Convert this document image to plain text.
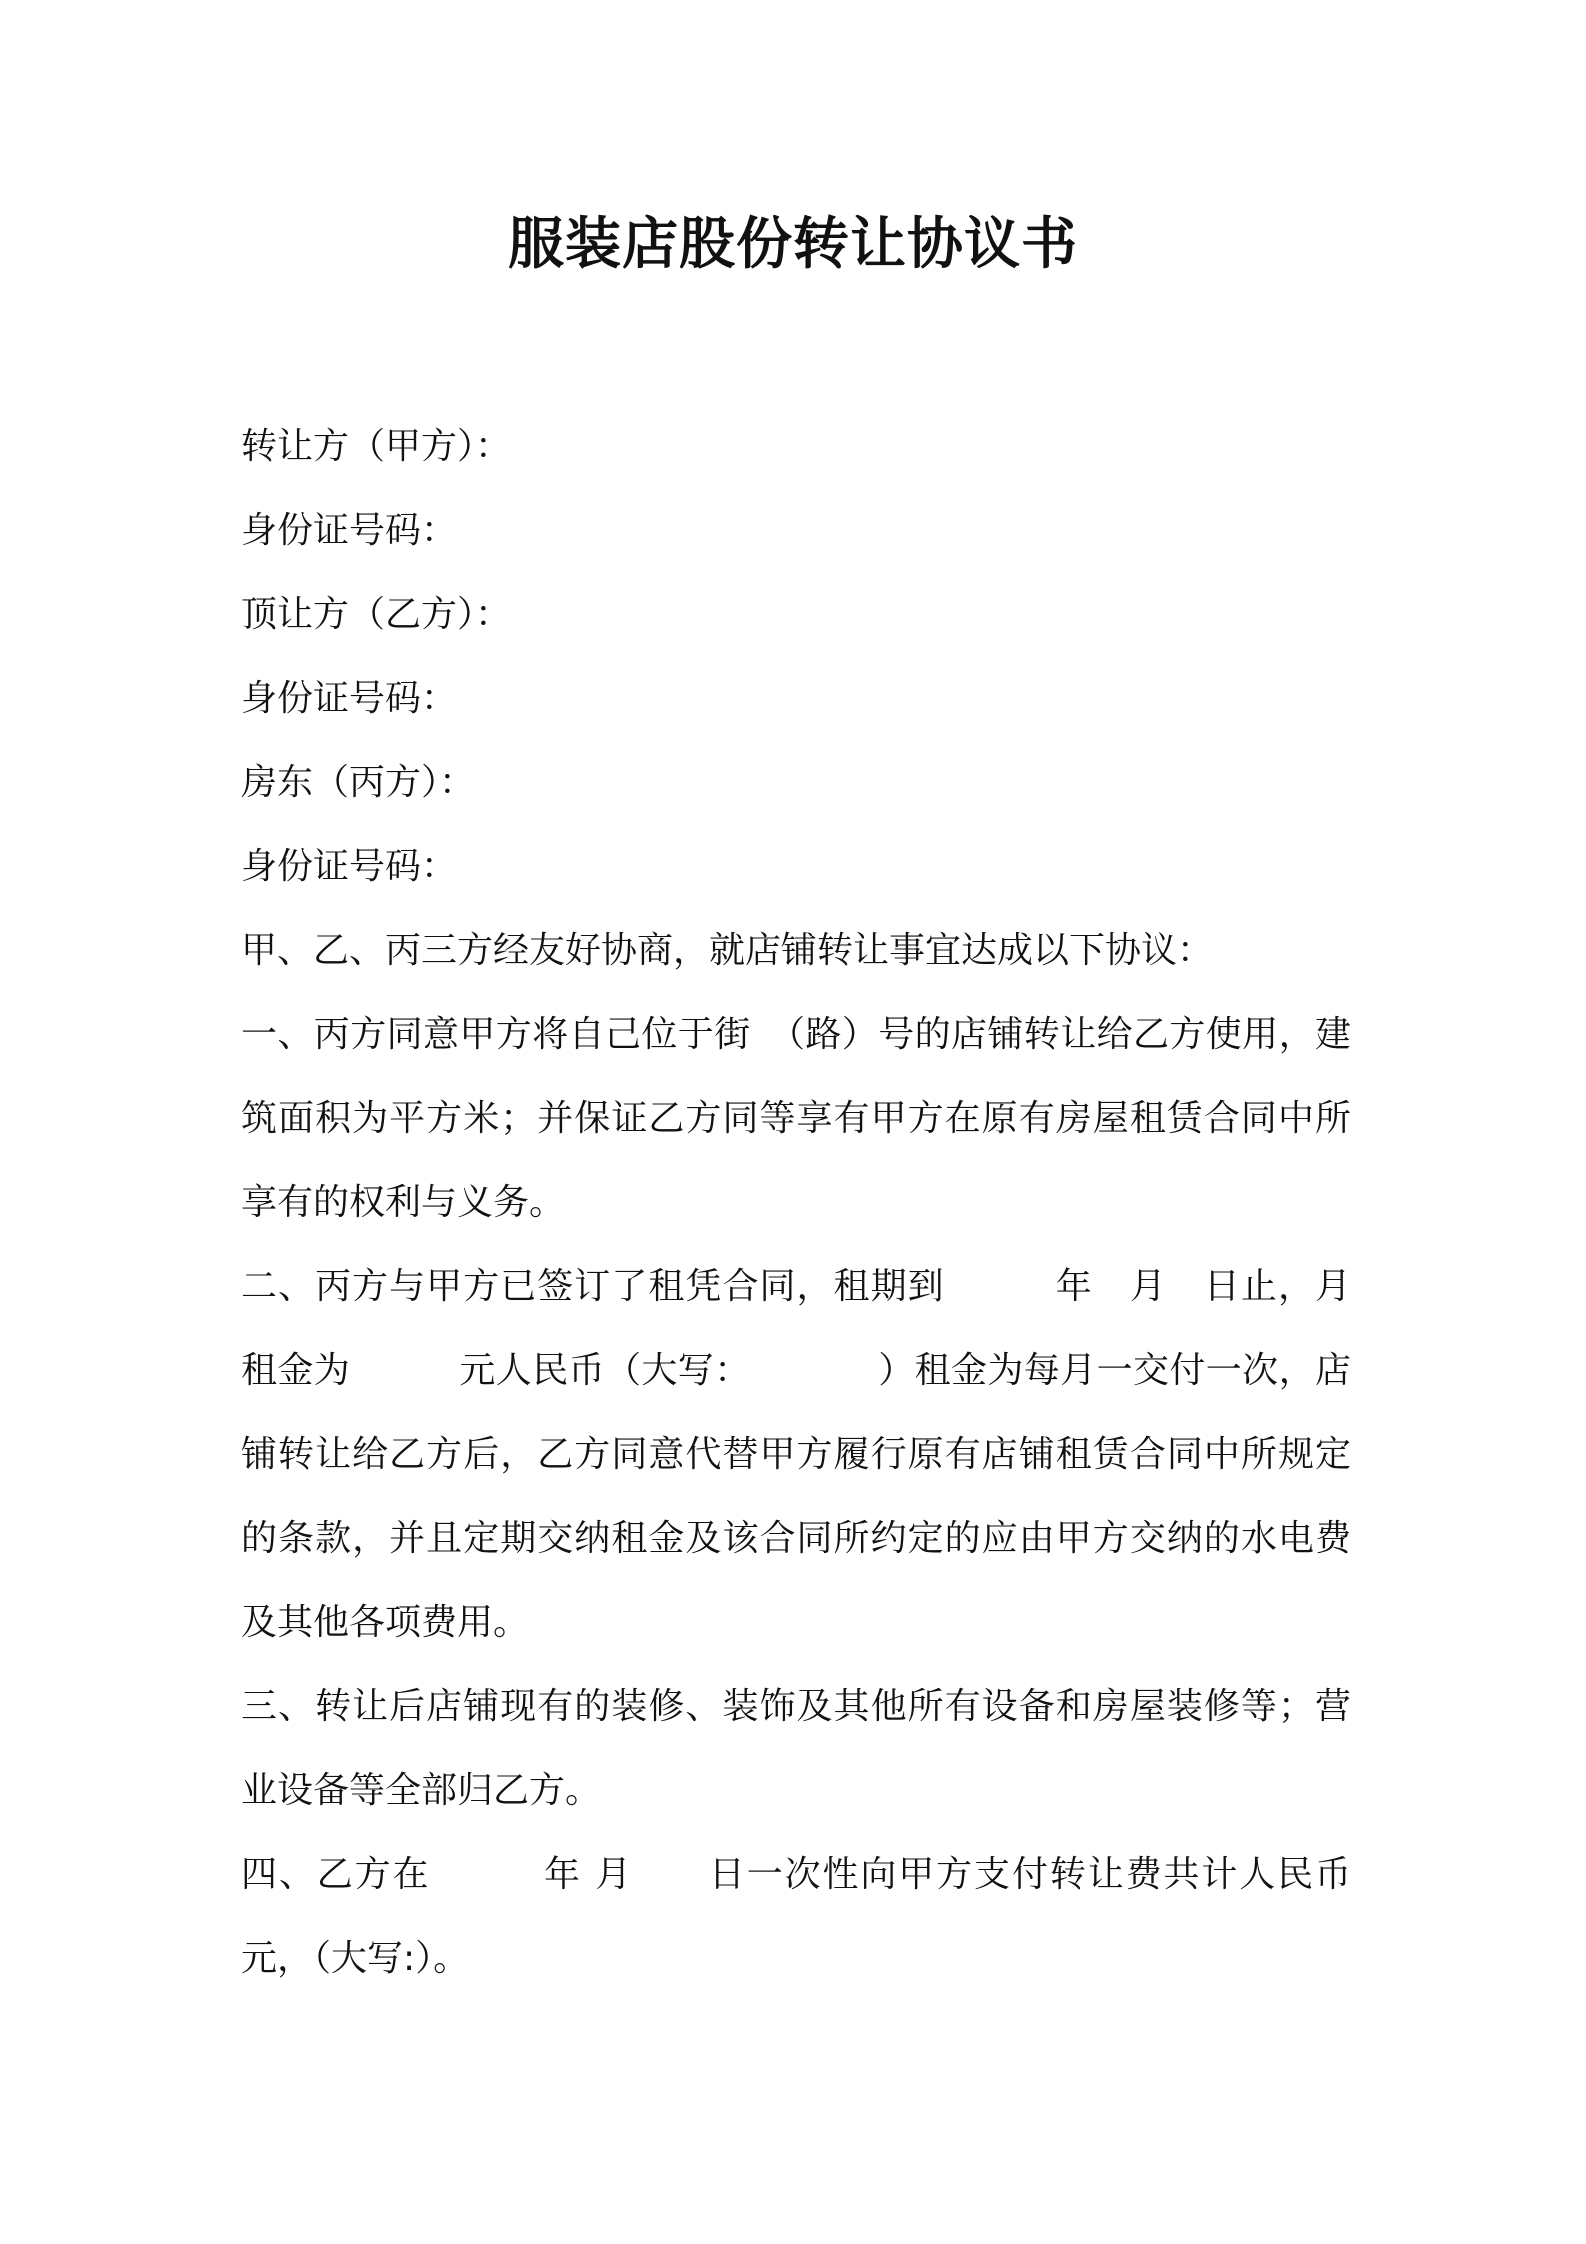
服装店股份转让协议书
转让方（甲方）：
身份证号码：
顶让方（乙方）：
身份证号码：
房东（丙方）：
身份证号码：
甲、乙、丙三方经友好协商，就店铺转让事宜达成以下协议：
一、丙方同意甲方将自己位于街　（路）号的店铺转让给乙方使用，建筑面积为平方米；并保证乙方同等享有甲方在原有房屋租赁合同中所享有的权利与义务。
二、丙方与甲方已签订了租凭合同，租期到　　　年　月　日止，月租金为　　　元人民币（大写：　　　　）租金为每月一交付一次，店铺转让给乙方后，乙方同意代替甲方履行原有店铺租赁合同中所规定的条款，并且定期交纳租金及该合同所约定的应由甲方交纳的水电费及其他各项费用。
三、转让后店铺现有的装修、装饰及其他所有设备和房屋装修等；营业设备等全部归乙方。
四、乙方在　　　年 月　　日一次性向甲方支付转让费共计人民币元，（大写:）。
